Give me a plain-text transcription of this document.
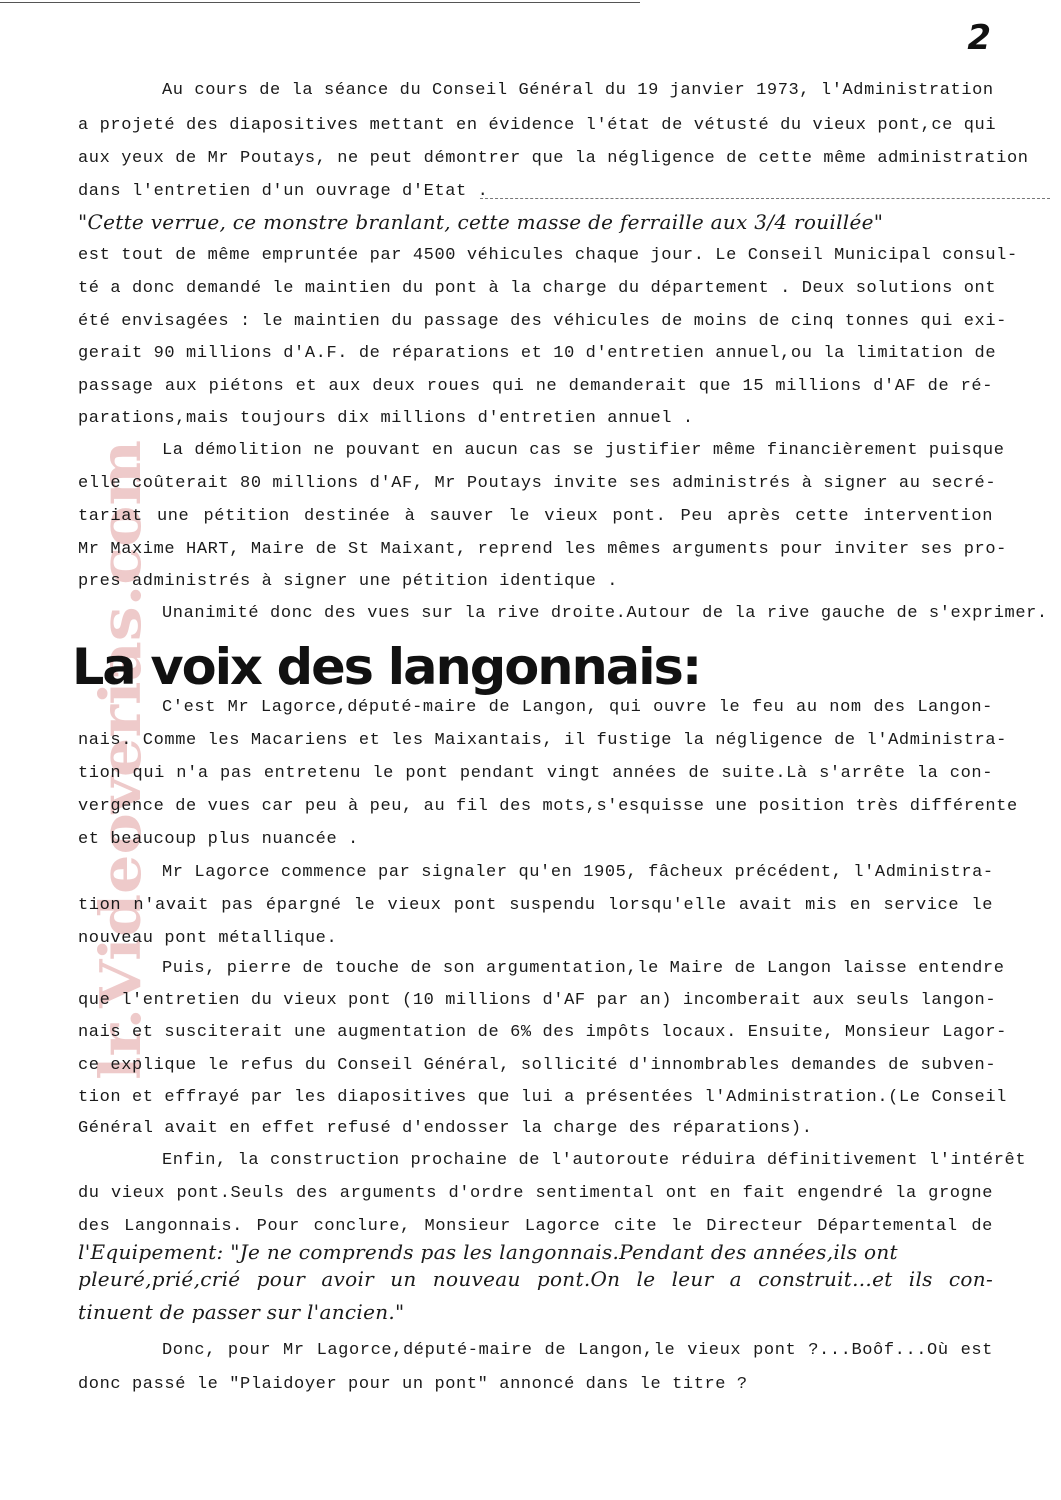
2
lr.Videoverias.com
Au cours de la séance du Conseil Général du 19 janvier 1973, l'Administration
a projeté des diapositives mettant en évidence l'état de vétusté du vieux pont,ce qui
aux yeux de Mr Poutays, ne peut démontrer que la négligence de cette même administration
dans l'entretien d'un ouvrage d'Etat .
"Cette verrue, ce monstre branlant, cette masse de ferraille aux 3/4 rouillée"
est tout de même empruntée par 4500 véhicules chaque jour. Le Conseil Municipal consul-
té a donc demandé le maintien du pont à la charge du département . Deux solutions ont
été envisagées : le maintien du passage des véhicules de moins de cinq tonnes qui exi-
gerait 90 millions d'A.F. de réparations et 10 d'entretien annuel,ou la limitation de
passage aux piétons et aux deux roues qui ne demanderait que 15 millions d'AF de ré-
parations,mais toujours dix millions d'entretien annuel .
La démolition ne pouvant en aucun cas se justifier même financièrement puisque
elle coûterait 80 millions d'AF, Mr Poutays invite ses administrés à signer au secré-
tariat une pétition destinée à sauver le vieux pont. Peu après cette intervention
Mr Maxime HART, Maire de St Maixant, reprend les mêmes arguments pour inviter ses pro-
pres administrés à signer une pétition identique .
Unanimité donc des vues sur la rive droite.Autour de la rive gauche de s'exprimer.
La voix des langonnais:
C'est Mr Lagorce,député-maire de Langon, qui ouvre le feu au nom des Langon-
nais. Comme les Macariens et les Maixantais, il fustige la négligence de l'Administra-
tion qui n'a pas entretenu le pont pendant vingt années de suite.Là s'arrête la con-
vergence de vues car peu à peu, au fil des mots,s'esquisse une position très différente
et beaucoup plus nuancée .
Mr Lagorce commence par signaler qu'en 1905, fâcheux précédent, l'Administra-
tion n'avait pas épargné le vieux pont suspendu lorsqu'elle avait mis en service le
nouveau pont métallique.
Puis, pierre de touche de son argumentation,le Maire de Langon laisse entendre
que l'entretien du vieux pont (10 millions d'AF par an) incomberait aux seuls langon-
nais et susciterait une augmentation de 6% des impôts locaux. Ensuite, Monsieur Lagor-
ce explique le refus du Conseil Général, sollicité d'innombrables demandes de subven-
tion et effrayé par les diapositives que lui a présentées l'Administration.(Le Conseil
Général avait en effet refusé d'endosser la charge des réparations).
Enfin, la construction prochaine de l'autoroute réduira définitivement l'intérêt
du vieux pont.Seuls des arguments d'ordre sentimental ont en fait engendré la grogne
des Langonnais. Pour conclure, Monsieur Lagorce cite le Directeur Départemental de
l'Equipement: "Je ne comprends pas les langonnais.Pendant des années,ils ont
pleuré,prié,crié pour avoir un nouveau pont.On le leur a construit...et ils con-
tinuent de passer sur l'ancien."
Donc, pour Mr Lagorce,député-maire de Langon,le vieux pont ?...Boôf...Où est
donc passé le "Plaidoyer pour un pont" annoncé dans le titre ?
